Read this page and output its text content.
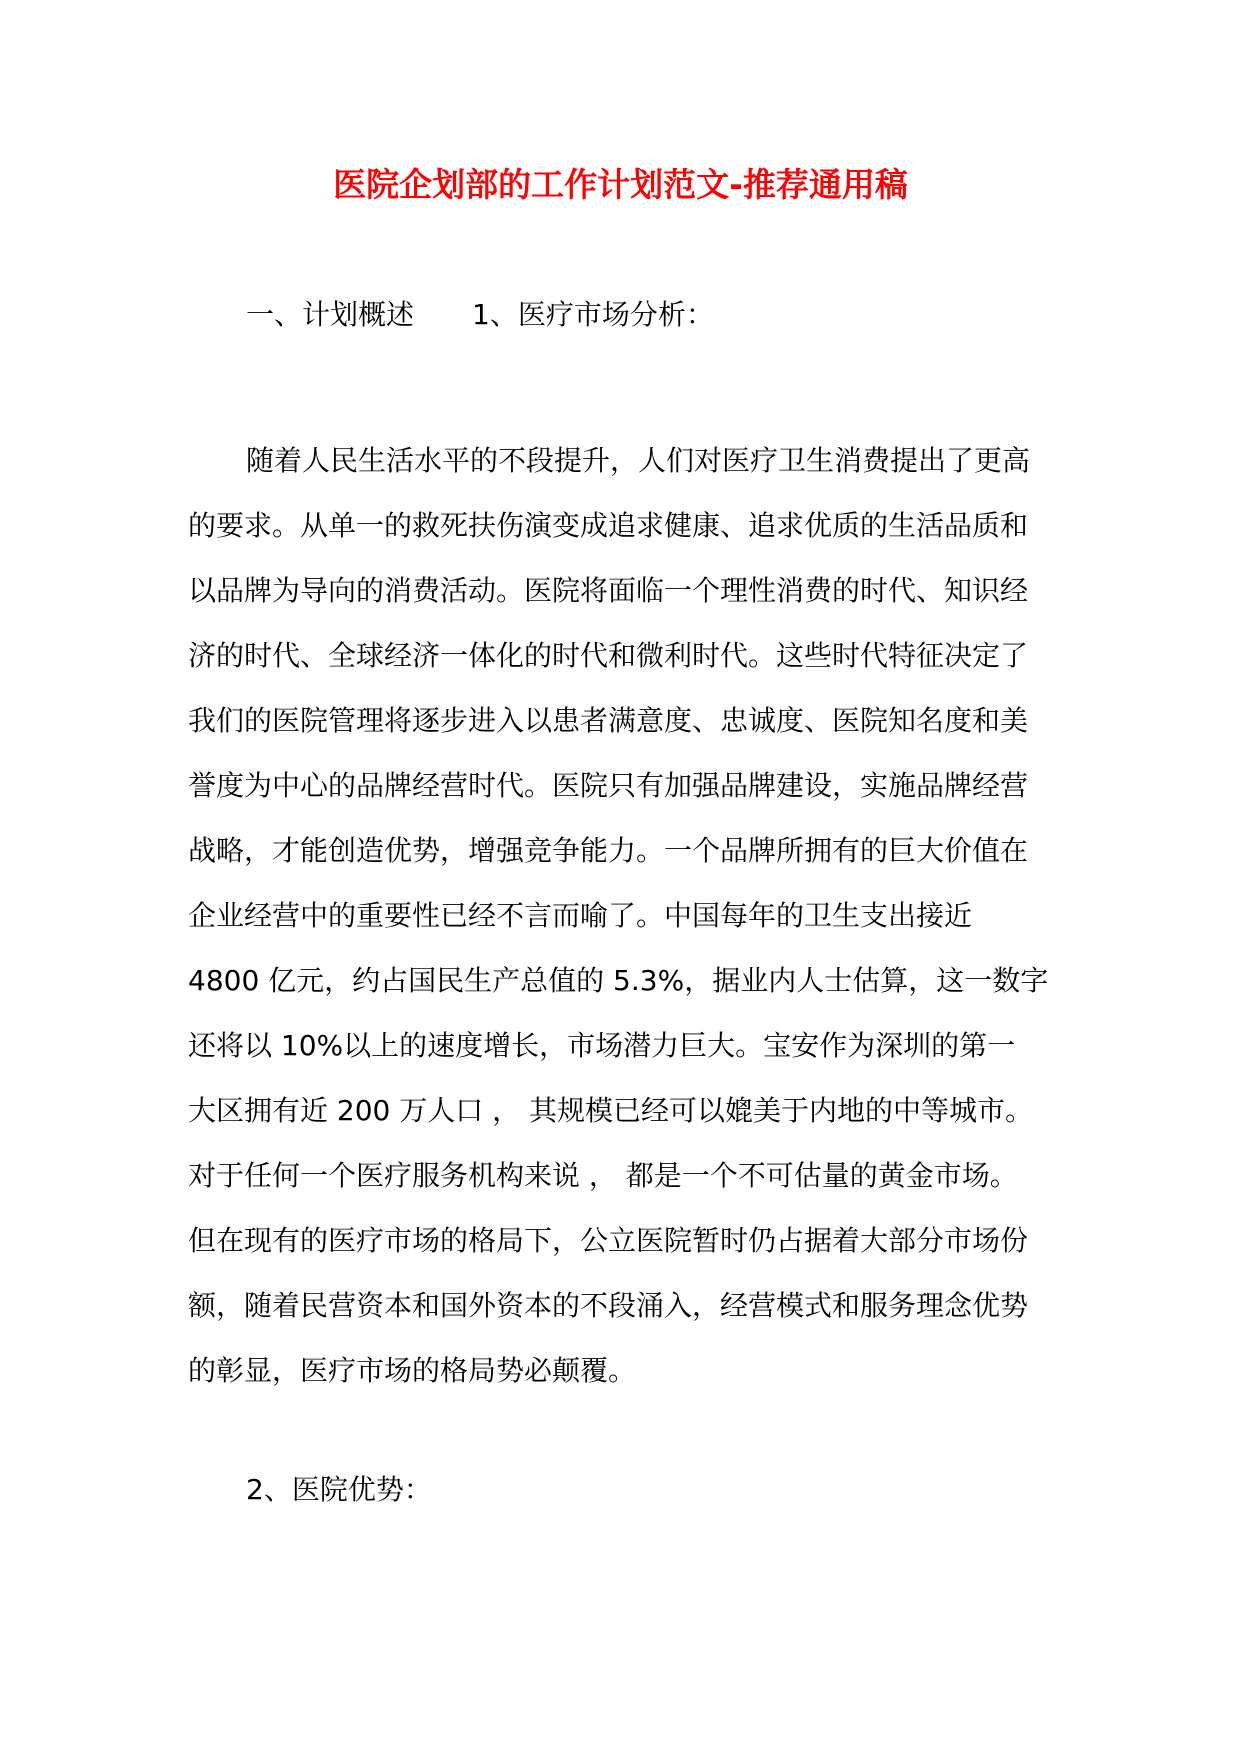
医院企划部的工作计划范文-推荐通用稿
一、计划概述 1、医疗市场分析：
随着人民生活水平的不段提升，人们对医疗卫生消费提出了更高
的要求。从单一的救死扶伤演变成追求健康、追求优质的生活品质和
以品牌为导向的消费活动。医院将面临一个理性消费的时代、知识经
济的时代、全球经济一体化的时代和微利时代。这些时代特征决定了
我们的医院管理将逐步进入以患者满意度、忠诚度、医院知名度和美
誉度为中心的品牌经营时代。医院只有加强品牌建设，实施品牌经营
战略，才能创造优势，增强竞争能力。一个品牌所拥有的巨大价值在
企业经营中的重要性已经不言而喻了。中国每年的卫生支出接近
4800 亿元，约占国民生产总值的 5.3%，据业内人士估算，这一数字
还将以 10%以上的速度增长，市场潜力巨大。宝安作为深圳的第一
大区拥有近 200 万人口 ， 其规模已经可以媲美于内地的中等城市。
对于任何一个医疗服务机构来说 ， 都是一个不可估量的黄金市场。
但在现有的医疗市场的格局下，公立医院暂时仍占据着大部分市场份
额，随着民营资本和国外资本的不段涌入，经营模式和服务理念优势
的彰显，医疗市场的格局势必颠覆。
2、医院优势：
